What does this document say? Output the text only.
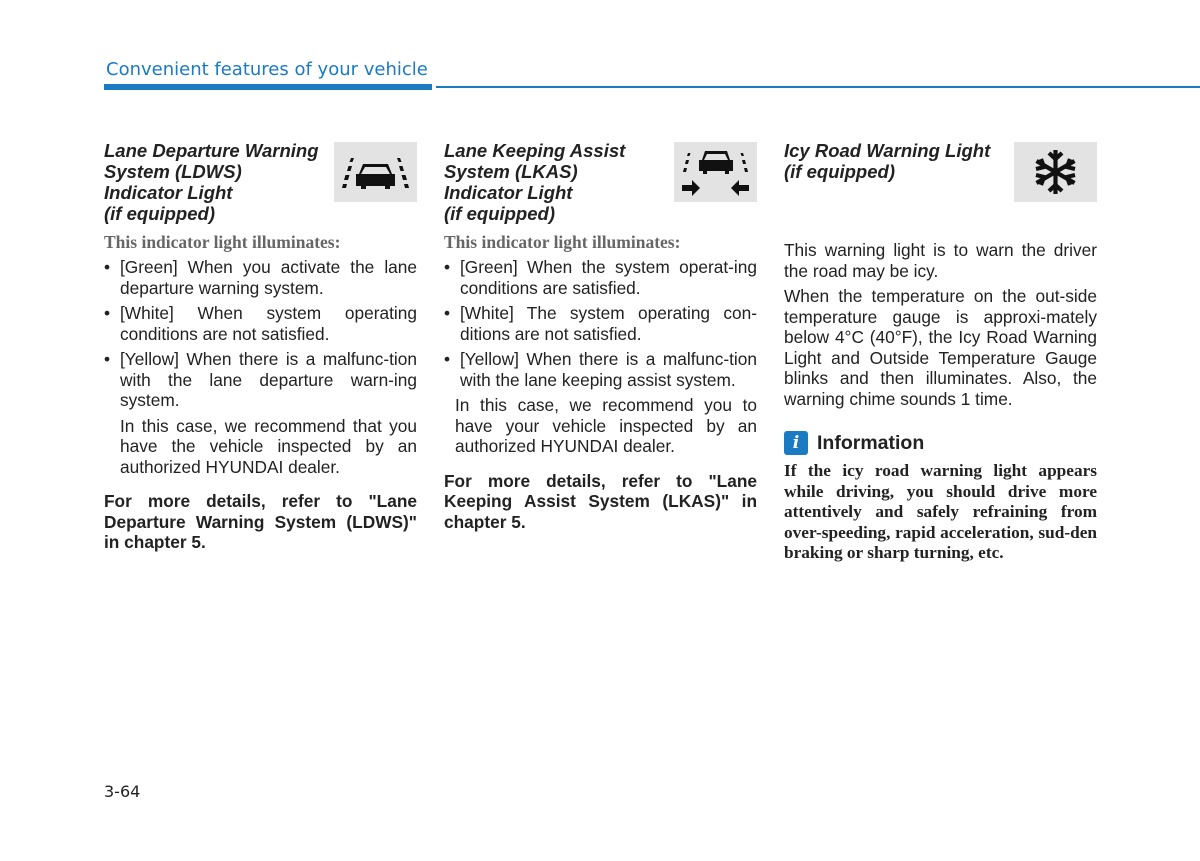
Convenient features of your vehicle

Lane Departure Warning
System (LDWS)
Indicator Light
(if equipped)

This indicator light illuminates:
• [Green] When you activate the lane departure warning system.
• [White] When system operating conditions are not satisfied.
• [Yellow] When there is a malfunc-tion with the lane departure warn-ing system.

In this case, we recommend that you have the vehicle inspected by an authorized HYUNDAI dealer.

For more details, refer to "Lane Departure Warning System (LDWS)" in chapter 5.

Lane Keeping Assist
System (LKAS)
Indicator Light
(if equipped)

This indicator light illuminates:
• [Green] When the system operat-ing conditions are satisfied.
• [White] The system operating con-ditions are not satisfied.
• [Yellow] When there is a malfunc-tion with the lane keeping assist system.

In this case, we recommend you to have your vehicle inspected by an authorized HYUNDAI dealer.

For more details, refer to "Lane Keeping Assist System (LKAS)" in chapter 5.

Icy Road Warning Light
(if equipped)

This warning light is to warn the driver the road may be icy.

When the temperature on the out-side temperature gauge is approxi-mately below 4°C (40°F), the Icy Road Warning Light and Outside Temperature Gauge blinks and then illuminates. Also, the warning chime sounds 1 time.

i Information

If the icy road warning light appears while driving, you should drive more attentively and safely refraining from over-speeding, rapid acceleration, sud-den braking or sharp turning, etc.

3-64
